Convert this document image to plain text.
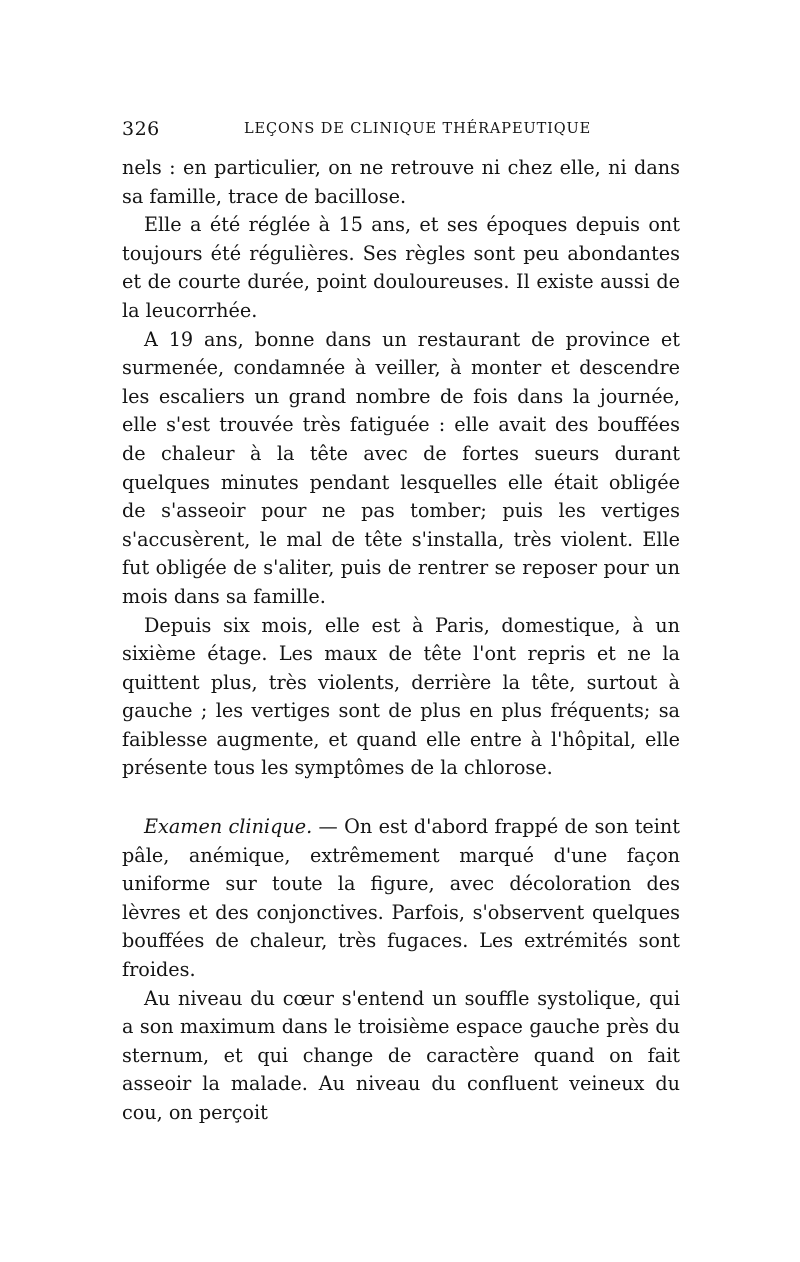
326	LEÇONS DE CLINIQUE THÉRAPEUTIQUE

nels : en particulier, on ne retrouve ni chez elle, ni dans sa famille, trace de bacillose.

Elle a été réglée à 15 ans, et ses époques depuis ont toujours été régulières. Ses règles sont peu abondantes et de courte durée, point douloureuses. Il existe aussi de la leucorrhée.

A 19 ans, bonne dans un restaurant de province et surmenée, condamnée à veiller, à monter et descendre les escaliers un grand nombre de fois dans la journée, elle s'est trouvée très fatiguée : elle avait des bouffées de chaleur à la tête avec de fortes sueurs durant quelques minutes pendant lesquelles elle était obligée de s'asseoir pour ne pas tomber; puis les vertiges s'accusèrent, le mal de tête s'installa, très violent. Elle fut obligée de s'aliter, puis de rentrer se reposer pour un mois dans sa famille.

Depuis six mois, elle est à Paris, domestique, à un sixième étage. Les maux de tête l'ont repris et ne la quittent plus, très violents, derrière la tête, surtout à gauche ; les vertiges sont de plus en plus fréquents; sa faiblesse augmente, et quand elle entre à l'hôpital, elle présente tous les symptômes de la chlorose.

Examen clinique. — On est d'abord frappé de son teint pâle, anémique, extrêmement marqué d'une façon uniforme sur toute la figure, avec décoloration des lèvres et des conjonctives. Parfois, s'observent quelques bouffées de chaleur, très fugaces. Les extrémités sont froides.

Au niveau du cœur s'entend un souffle systolique, qui a son maximum dans le troisième espace gauche près du sternum, et qui change de caractère quand on fait asseoir la malade. Au niveau du confluent veineux du cou, on perçoit
